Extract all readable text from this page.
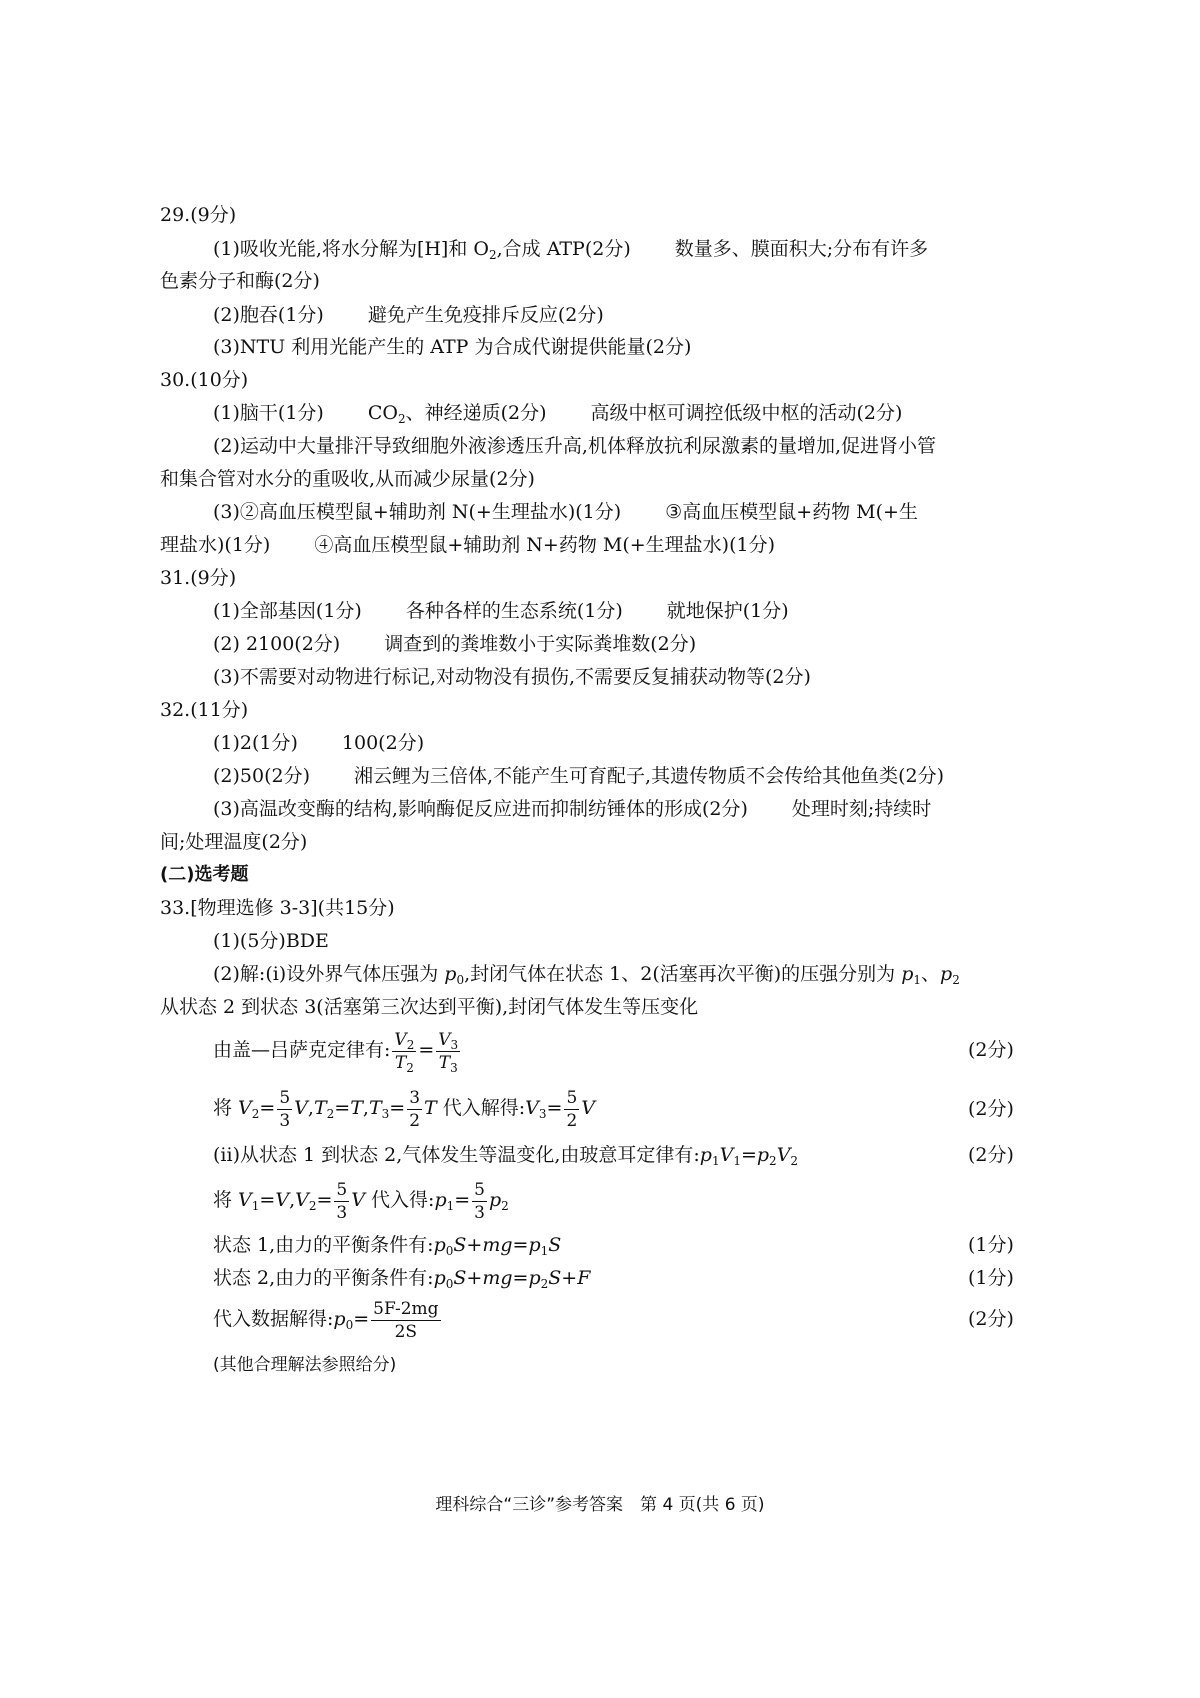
29.(9分)
(1)吸收光能,将水分解为[H]和 $O_2$,合成 ATP(2分) 数量多、膜面积大;分布有许多
色素分子和酶(2分)
(2)胞吞(1分) 避免产生免疫排斥反应(2分)
(3)NTU 利用光能产生的 ATP 为合成代谢提供能量(2分)
30.(10分)
(1)脑干(1分) $CO_2$、神经递质(2分) 高级中枢可调控低级中枢的活动(2分)
(2)运动中大量排汗导致细胞外液渗透压升高,机体释放抗利尿激素的量增加,促进肾小管
和集合管对水分的重吸收,从而减少尿量(2分)
(3)②高血压模型鼠+辅助剂 N(+生理盐水)(1分) ③高血压模型鼠+药物 M(+生
理盐水)(1分) ④高血压模型鼠+辅助剂 N+药物 M(+生理盐水)(1分)
31.(9分)
(1)全部基因(1分) 各种各样的生态系统(1分) 就地保护(1分)
(2) 2100(2分) 调查到的粪堆数小于实际粪堆数(2分)
(3)不需要对动物进行标记,对动物没有损伤,不需要反复捕获动物等(2分)
32.(11分)
(1)2(1分) 100(2分)
(2)50(2分) 湘云鲤为三倍体,不能产生可育配子,其遗传物质不会传给其他鱼类(2分)
(3)高温改变酶的结构,影响酶促反应进而抑制纺锤体的形成(2分) 处理时刻;持续时
间;处理温度(2分)
(二)选考题
33.[物理选修 3-3](共15分)
(1)(5分)BDE
(2)解:(i)设外界气体压强为 $p_0$,封闭气体在状态 1、2(活塞再次平衡)的压强分别为 $p_1$、$p_2$
从状态 2 到状态 3(活塞第三次达到平衡),封闭气体发生等压变化
由盖—吕萨克定律有: $\frac{V_2}{T_2} = \frac{V_3}{T_3}$	(2分)
将 $V_2= \frac{5}{3} V,T_2=T,T_3= \frac{3}{2}$ T 代入解得$:V_3= \frac{5}{2}$ V	(2分)
(ii)从状态 1 到状态 2,气体发生等温变化,由玻意耳定律有$:p_1V_1=p_2V_2$	(2分)
将 $V_1=V,V_2= \frac{5}{3}$ V 代入得$:p_1= \frac{5}{3} p_2$
状态 1,由力的平衡条件有$:p_0S+mg=p_1S$	(1分)
状态 2,由力的平衡条件有$:p_0S+mg=p_2S+F$	(1分)
代入数据解得$:p_0= \frac{5F-2mg}{2S}$	(2分)
(其他合理解法参照给分)
理科综合“三诊”参考答案　第 4 页(共 6 页)
